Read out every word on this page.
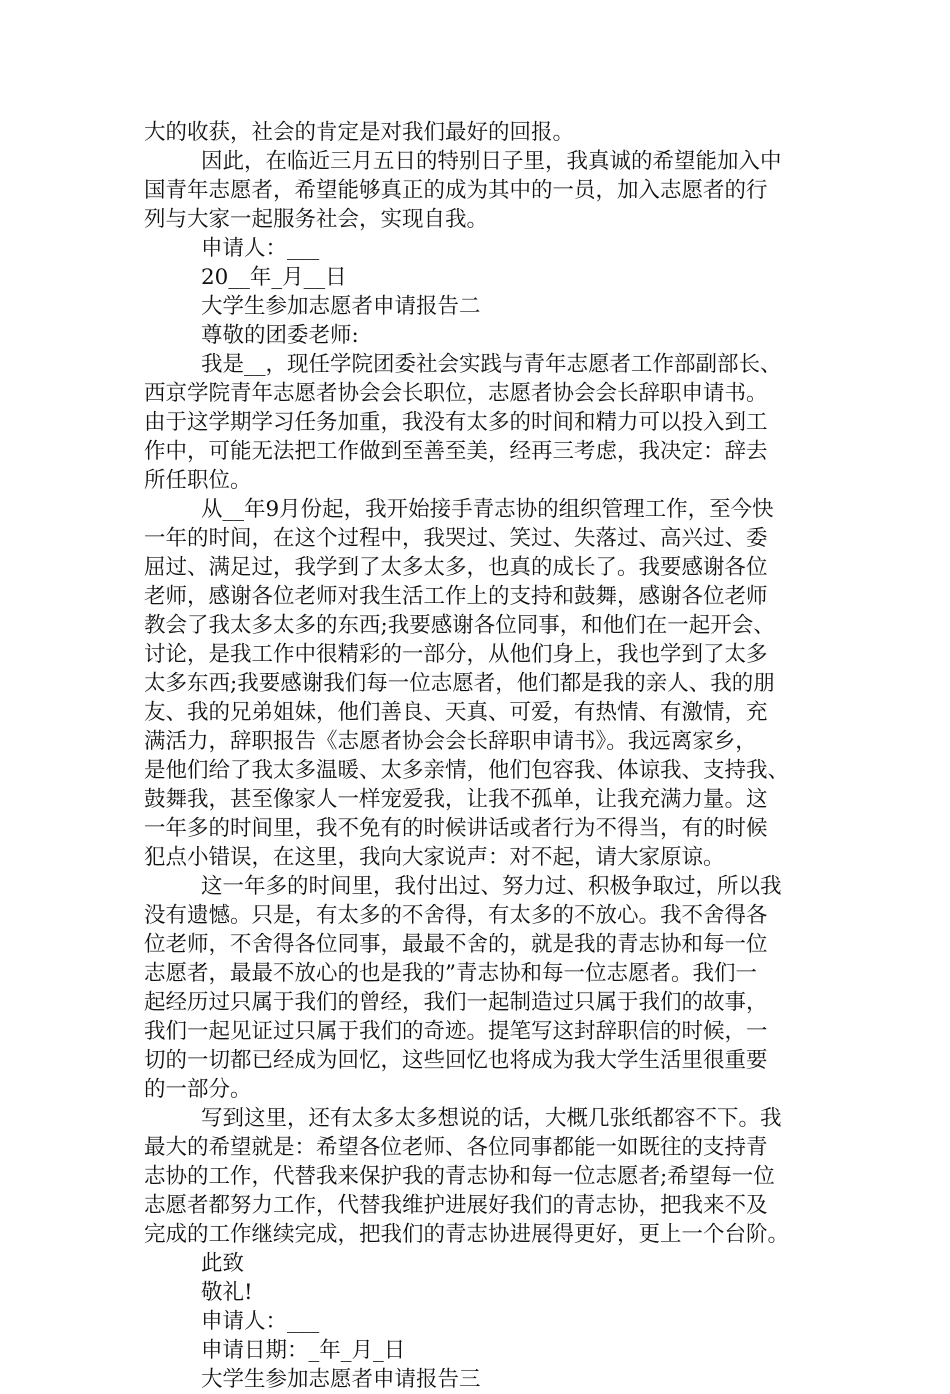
大的收获，社会的肯定是对我们最好的回报。
因此，在临近三月五日的特别日子里，我真诚的希望能加入中
国青年志愿者，希望能够真正的成为其中的一员，加入志愿者的行
列与大家一起服务社会，实现自我。
申请人：___
20__年_月__日
大学生参加志愿者申请报告二
尊敬的团委老师:
我是__，现任学院团委社会实践与青年志愿者工作部副部长、
西京学院青年志愿者协会会长职位，志愿者协会会长辞职申请书。
由于这学期学习任务加重，我没有太多的时间和精力可以投入到工
作中，可能无法把工作做到至善至美，经再三考虑，我决定：辞去
所任职位。
从__年9月份起，我开始接手青志协的组织管理工作，至今快
一年的时间，在这个过程中，我哭过、笑过、失落过、高兴过、委
屈过、满足过，我学到了太多太多，也真的成长了。我要感谢各位
老师，感谢各位老师对我生活工作上的支持和鼓舞，感谢各位老师
教会了我太多太多的东西;我要感谢各位同事，和他们在一起开会、
讨论，是我工作中很精彩的一部分，从他们身上，我也学到了太多
太多东西;我要感谢我们每一位志愿者，他们都是我的亲人、我的朋
友、我的兄弟姐妹，他们善良、天真、可爱，有热情、有激情，充
满活力，辞职报告《志愿者协会会长辞职申请书》。我远离家乡，
是他们给了我太多温暖、太多亲情，他们包容我、体谅我、支持我、
鼓舞我，甚至像家人一样宠爱我，让我不孤单，让我充满力量。这
一年多的时间里，我不免有的时候讲话或者行为不得当，有的时候
犯点小错误，在这里，我向大家说声：对不起，请大家原谅。
这一年多的时间里，我付出过、努力过、积极争取过，所以我
没有遗憾。只是，有太多的不舍得，有太多的不放心。我不舍得各
位老师，不舍得各位同事，最最不舍的，就是我的青志协和每一位
志愿者，最最不放心的也是我的”青志协和每一位志愿者。我们一
起经历过只属于我们的曾经，我们一起制造过只属于我们的故事，
我们一起见证过只属于我们的奇迹。提笔写这封辞职信的时候，一
切的一切都已经成为回忆，这些回忆也将成为我大学生活里很重要
的一部分。
写到这里，还有太多太多想说的话，大概几张纸都容不下。我
最大的希望就是：希望各位老师、各位同事都能一如既往的支持青
志协的工作，代替我来保护我的青志协和每一位志愿者;希望每一位
志愿者都努力工作，代替我维护进展好我们的青志协，把我来不及
完成的工作继续完成，把我们的青志协进展得更好，更上一个台阶。
此致
敬礼!
申请人：___
申请日期：_年_月_日
大学生参加志愿者申请报告三
